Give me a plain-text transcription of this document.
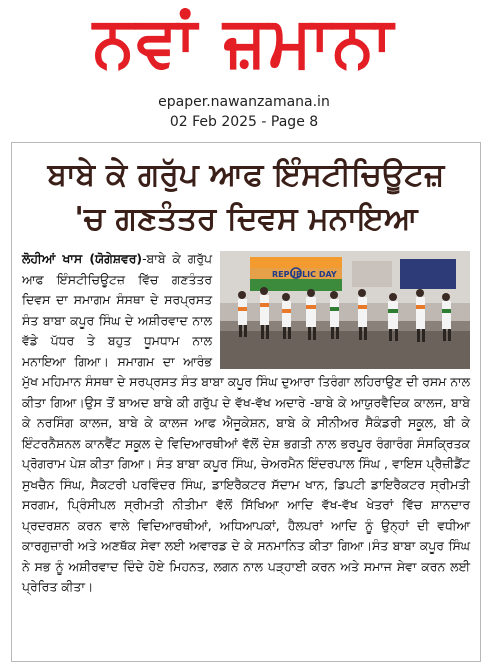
ਨਵਾਂ ਜ਼ਮਾਨਾ
epaper.nawanzamana.in
02 Feb 2025 - Page 8
ਬਾਬੇ ਕੇ ਗਰੁੱਪ ਆਫ ਇੰਸਟੀਚਿਊਟਜ਼
'ਚ ਗਣਤੰਤਰ ਦਿਵਸ ਮਨਾਇਆ
REPUBLIC DAY
ਲੋਹੀਆਂ ਖਾਸ (ਯੋਗੇਸ਼ਵਰ)-ਬਾਬੇ ਕੇ ਗਰੁੱਪ ਆਫ ਇੰਸਟੀਚਿਊਟਜ਼ ਵਿੱਚ ਗਣਤੰਤਰ ਦਿਵਸ ਦਾ ਸਮਾਗਮ ਸੰਸਥਾ ਦੇ ਸਰਪ੍ਰਸਤ ਸੰਤ ਬਾਬਾ ਕਪੂਰ ਸਿੰਘ ਦੇ ਅਸ਼ੀਰਵਾਦ ਨਾਲ ਵੱਡੇ ਪੱਧਰ ਤੇ ਬਹੁਤ ਧੂਮਧਾਮ ਨਾਲ ਮਨਾਇਆ ਗਿਆ। ਸਮਾਗਮ ਦਾ ਆਰੰਭ ਮੁੱਖ ਮਹਿਮਾਨ ਸੰਸਥਾ ਦੇ ਸਰਪ੍ਰਸਤ ਸੰਤ ਬਾਬਾ ਕਪੂਰ ਸਿੰਘ ਦੁਆਰਾ ਤਿਰੰਗਾ ਲਹਿਰਾਉਣ ਦੀ ਰਸਮ ਨਾਲ ਕੀਤਾ ਗਿਆ।ਉਸ ਤੋਂ ਬਾਅਦ ਬਾਬੇ ਕੀ ਗਰੁੱਪ ਦੇ ਵੱਖ-ਵੱਖ ਅਦਾਰੇ -ਬਾਬੇ ਕੇ ਆਯੁਰਵੈਦਿਕ ਕਾਲਜ, ਬਾਬੇ ਕੇ ਨਰਸਿੰਗ ਕਾਲਜ, ਬਾਬੇ ਕੇ ਕਾਲਜ ਆਫ ਐਜੂਕੇਸ਼ਨ, ਬਾਬੇ ਕੇ ਸੀਨੀਅਰ ਸੈਕੰਡਰੀ ਸਕੂਲ, ਬੀ ਕੇ ਇੰਟਰਨੈਸ਼ਨਲ ਕਾਨਵੈਂਟ ਸਕੂਲ ਦੇ ਵਿਦਿਆਰਥੀਆਂ ਵੱਲੋਂ ਦੇਸ਼ ਭਗਤੀ ਨਾਲ ਭਰਪੂਰ ਰੰਗਾਰੰਗ ਸੰਸਕ੍ਰਿਤਕ ਪ੍ਰੋਗਰਾਮ ਪੇਸ਼ ਕੀਤਾ ਗਿਆ। ਸੰਤ ਬਾਬਾ ਕਪੂਰ ਸਿੰਘ, ਚੇਅਰਮੈਨ ਇੰਦਰਪਾਲ ਸਿੰਘ , ਵਾਇਸ ਪ੍ਰੈਜ਼ੀਡੈਂਟ ਸੁਖਚੈਨ ਸਿੰਘ, ਸੈਕਟਰੀ ਪਰਵਿੰਦਰ ਸਿੰਘ, ਡਾਇਰੈਕਟਰ ਸੱਦਾਮ ਖਾਨ, ਡਿਪਟੀ ਡਾਇਰੈਕਟਰ ਸ੍ਰੀਮਤੀ ਸਰਗਮ, ਪ੍ਰਿੰਸੀਪਲ ਸ੍ਰੀਮਤੀ ਨੀਤੀਮਾ ਵੱਲੋਂ ਸਿੱਖਿਆ ਆਦਿ ਵੱਖ-ਵੱਖ ਖੇਤਰਾਂ ਵਿੱਚ ਸ਼ਾਨਦਾਰ ਪ੍ਰਦਰਸ਼ਨ ਕਰਨ ਵਾਲੇ ਵਿਦਿਆਰਥੀਆਂ, ਅਧਿਆਪਕਾਂ, ਹੈਲਪਰਾਂ ਆਦਿ ਨੂੰ ਉਨ੍ਹਾਂ ਦੀ ਵਧੀਆ ਕਾਰਗੁਜ਼ਾਰੀ ਅਤੇ ਅਣਥੱਕ ਸੇਵਾ ਲਈ ਅਵਾਰਡ ਦੇ ਕੇ ਸਨਮਾਨਿਤ ਕੀਤਾ ਗਿਆ।ਸੰਤ ਬਾਬਾ ਕਪੂਰ ਸਿੰਘ ਨੇ ਸਭ ਨੂੰ ਅਸ਼ੀਰਵਾਦ ਦਿੰਦੇ ਹੋਏ ਮਿਹਨਤ, ਲਗਨ ਨਾਲ ਪੜ੍ਹਾਈ ਕਰਨ ਅਤੇ ਸਮਾਜ ਸੇਵਾ ਕਰਨ ਲਈ ਪ੍ਰੇਰਿਤ ਕੀਤਾ।
